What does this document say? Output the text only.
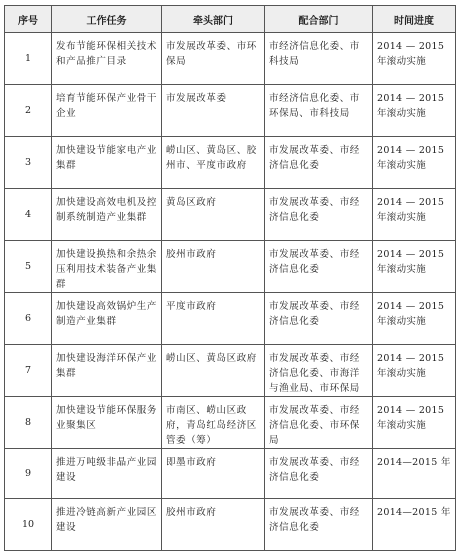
序号	工作任务	牵头部门	配合部门	时间进度
1	发布节能环保相关技术和产品推广目录	市发展改革委、市环保局	市经济信息化委、市科技局	2014 — 2015 年滚动实施
2	培育节能环保产业骨干企业	市发展改革委	市经济信息化委、市环保局、市科技局	2014 — 2015 年滚动实施
3	加快建设节能家电产业集群	崂山区、黄岛区、胶州市、平度市政府	市发展改革委、市经济信息化委	2014 — 2015 年滚动实施
4	加快建设高效电机及控制系统制造产业集群	黄岛区政府	市发展改革委、市经济信息化委	2014 — 2015 年滚动实施
5	加快建设换热和余热余压利用技术装备产业集群	胶州市政府	市发展改革委、市经济信息化委	2014 — 2015 年滚动实施
6	加快建设高效锅炉生产制造产业集群	平度市政府	市发展改革委、市经济信息化委	2014 — 2015 年滚动实施
7	加快建设海洋环保产业集群	崂山区、黄岛区政府	市发展改革委、市经济信息化委、市海洋与渔业局、市环保局	2014 — 2015 年滚动实施
8	加快建设节能环保服务业聚集区	市南区、崂山区政府，青岛红岛经济区管委（筹）	市发展改革委、市经济信息化委、市环保局	2014 — 2015 年滚动实施
9	推进万吨级非晶产业园建设	即墨市政府	市发展改革委、市经济信息化委	2014—2015 年
10	推进冷链高新产业园区建设	胶州市政府	市发展改革委、市经济信息化委	2014—2015 年
